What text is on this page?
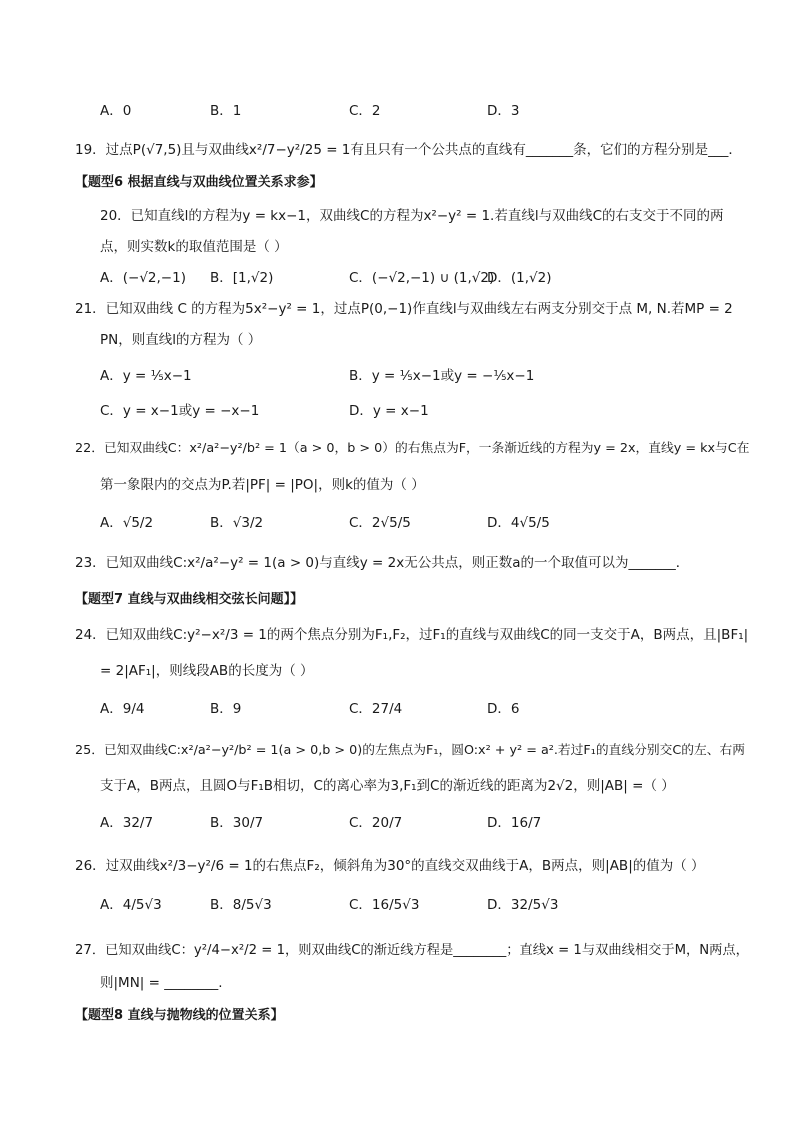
A．0	B．1	C．2	D．3
19．过点P(√7,5)且与双曲线x²/7−y²/25 = 1有且只有一个公共点的直线有_______条，它们的方程分别是___．
【题型6 根据直线与双曲线位置关系求参】
20．已知直线l的方程为y = kx−1，双曲线C的方程为x²−y² = 1.若直线l与双曲线C的右支交于不同的两
点，则实数k的取值范围是（ ）
A．(−√2,−1) B．[1,√2)	C．(−√2,−1) ∪ (1,√2)
D．(1,√2)
21．已知双曲线 C 的方程为5x²−y² = 1，过点P(0,−1)作直线l与双曲线左右两支分别交于点 M, N.若MP = 2
PN，则直线l的方程为（ ）
A．y = ⅕x−1	B．y = ⅕x−1或y = −⅕x−1
C．y = x−1或y = −x−1	D．y = x−1
22．已知双曲线C：x²/a²−y²/b² = 1（a > 0，b > 0）的右焦点为F，一条渐近线的方程为y = 2x，直线y = kx与C在
第一象限内的交点为P.若|PF| = |PO|，则k的值为（ ）
A．√5/2	B．√3/2	C．2√5/5	D．4√5/5
23．已知双曲线C:x²/a²−y² = 1(a > 0)与直线y = 2x无公共点，则正数a的一个取值可以为_______．
【题型7 直线与双曲线相交弦长问题】】
24．已知双曲线C:y²−x²/3 = 1的两个焦点分别为F₁,F₂，过F₁的直线与双曲线C的同一支交于A，B两点，且|BF₁|
= 2|AF₁|，则线段AB的长度为（ ）
A．9/4	B．9	C．27/4	D．6
25．已知双曲线C:x²/a²−y²/b² = 1(a > 0,b > 0)的左焦点为F₁，圆O:x² + y² = a².若过F₁的直线分别交C的左、右两
支于A，B两点，且圆O与F₁B相切，C的离心率为3,F₁到C的渐近线的距离为2√2，则|AB| =（ ）
A．32/7	B．30/7	C．20/7	D．16/7
26．过双曲线x²/3−y²/6 = 1的右焦点F₂，倾斜角为30°的直线交双曲线于A，B两点，则|AB|的值为（ ）
A．4/5√3	B．8/5√3	C．16/5√3	D．32/5√3
27．已知双曲线C：y²/4−x²/2 = 1，则双曲线C的渐近线方程是________；直线x = 1与双曲线相交于M，N两点，
则|MN| = ________.
【题型8 直线与抛物线的位置关系】
